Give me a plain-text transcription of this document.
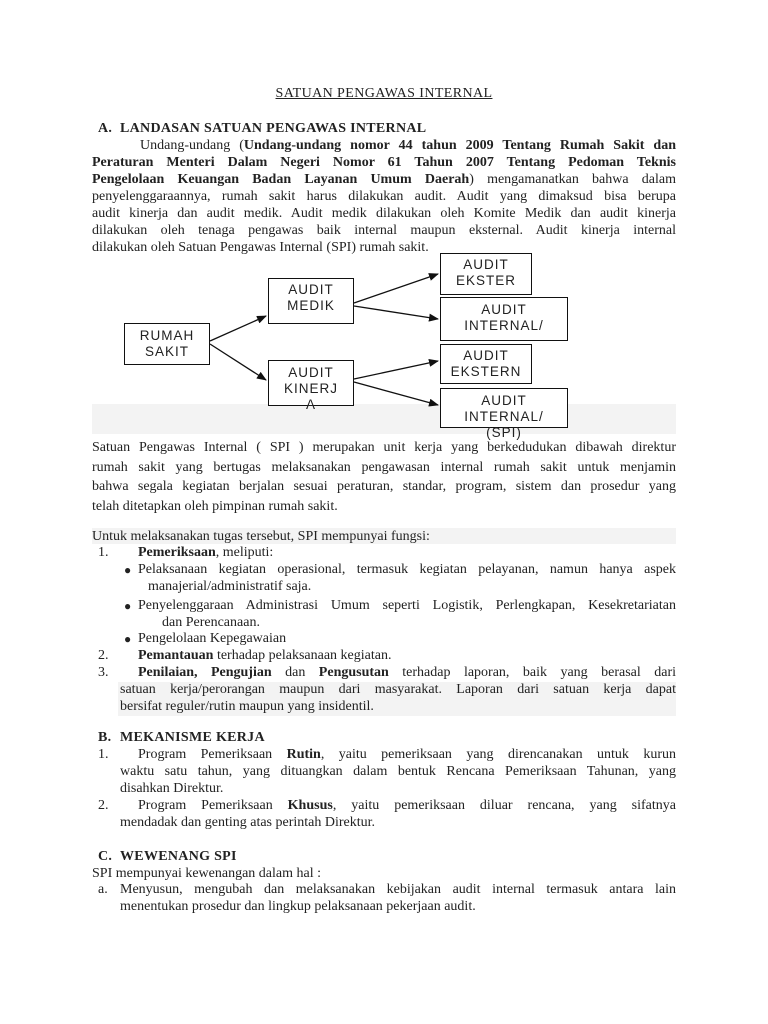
SATUAN PENGAWAS INTERNAL
A. LANDASAN SATUAN PENGAWAS INTERNAL
Undang-undang (Undang-undang nomor 44 tahun 2009 Tentang Rumah Sakit dan
Peraturan Menteri Dalam Negeri Nomor 61 Tahun 2007 Tentang Pedoman Teknis
Pengelolaan Keuangan Badan Layanan Umum Daerah) mengamanatkan bahwa dalam
penyelenggaraannya, rumah sakit harus dilakukan audit. Audit yang dimaksud bisa berupa
audit kinerja dan audit medik. Audit medik dilakukan oleh Komite Medik dan audit kinerja
dilakukan oleh tenaga pengawas baik internal maupun eksternal. Audit kinerja internal
dilakukan oleh Satuan Pengawas Internal (SPI) rumah sakit.
RUMAH
SAKIT
AUDIT
MEDIK
AUDIT
KINERJ
A
AUDIT
EKSTER
AUDIT
INTERNAL/
AUDIT
EKSTERN
AUDIT
INTERNAL/
(SPI)
Satuan Pengawas Internal ( SPI ) merupakan unit kerja yang berkedudukan dibawah direktur
rumah sakit yang bertugas melaksanakan pengawasan internal rumah sakit untuk menjamin
bahwa segala kegiatan berjalan sesuai peraturan, standar, program, sistem dan prosedur yang
telah ditetapkan oleh pimpinan rumah sakit.
Untuk melaksanakan tugas tersebut, SPI mempunyai fungsi:
1. Pemeriksaan, meliputi:
● Pelaksanaan kegiatan operasional, termasuk kegiatan pelayanan, namun hanya aspek
manajerial/administratif saja.
● Penyelenggaraan Administrasi Umum seperti Logistik, Perlengkapan, Kesekretariatan
dan Perencanaan.
● Pengelolaan Kepegawaian
2. Pemantauan terhadap pelaksanaan kegiatan.
3. Penilaian, Pengujian dan Pengusutan terhadap laporan, baik yang berasal dari
satuan kerja/perorangan maupun dari masyarakat. Laporan dari satuan kerja dapat
bersifat reguler/rutin maupun yang insidentil.
B. MEKANISME KERJA
1. Program Pemeriksaan Rutin, yaitu pemeriksaan yang direncanakan untuk kurun
waktu satu tahun, yang dituangkan dalam bentuk Rencana Pemeriksaan Tahunan, yang
disahkan Direktur.
2. Program Pemeriksaan Khusus, yaitu pemeriksaan diluar rencana, yang sifatnya
mendadak dan genting atas perintah Direktur.
C. WEWENANG SPI
SPI mempunyai kewenangan dalam hal :
a. Menyusun, mengubah dan melaksanakan kebijakan audit internal termasuk antara lain
menentukan prosedur dan lingkup pelaksanaan pekerjaan audit.
